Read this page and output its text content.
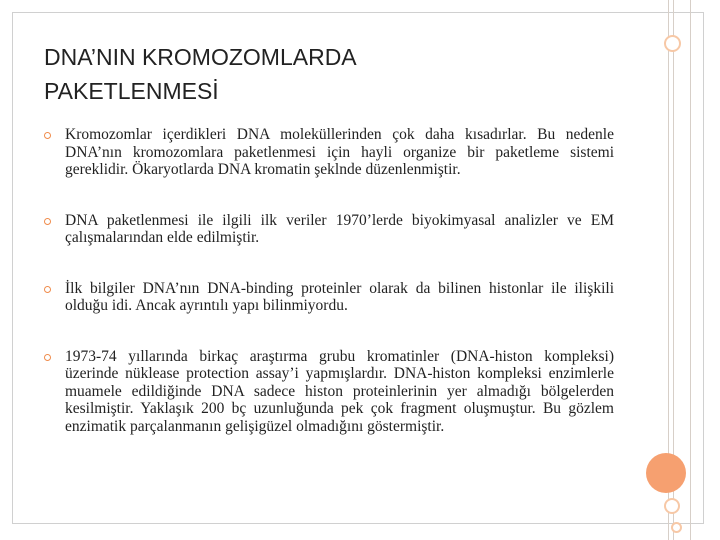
DNA’NIN KROMOZOMLARDA
PAKETLENMESİ
Kromozomlar içerdikleri DNA moleküllerinden çok daha kısadırlar. Bu nedenle DNA’nın kromozomlara paketlenmesi için hayli organize bir paketleme sistemi gereklidir. Ökaryotlarda DNA kromatin şeklnde düzenlenmiştir.
DNA paketlenmesi ile ilgili ilk veriler 1970’lerde biyokimyasal analizler ve EM çalışmalarından elde edilmiştir.
İlk bilgiler DNA’nın DNA-binding proteinler olarak da bilinen histonlar ile ilişkili olduğu idi. Ancak ayrıntılı yapı bilinmiyordu.
1973-74 yıllarında birkaç araştırma grubu kromatinler (DNA-histon kompleksi) üzerinde nüklease protection assay’i yapmışlardır. DNA-histon kompleksi enzimlerle muamele edildiğinde DNA sadece histon proteinlerinin yer almadığı bölgelerden kesilmiştir. Yaklaşık 200 bç uzunluğunda pek çok fragment oluşmuştur. Bu gözlem enzimatik parçalanmanın gelişigüzel olmadığını göstermiştir.
